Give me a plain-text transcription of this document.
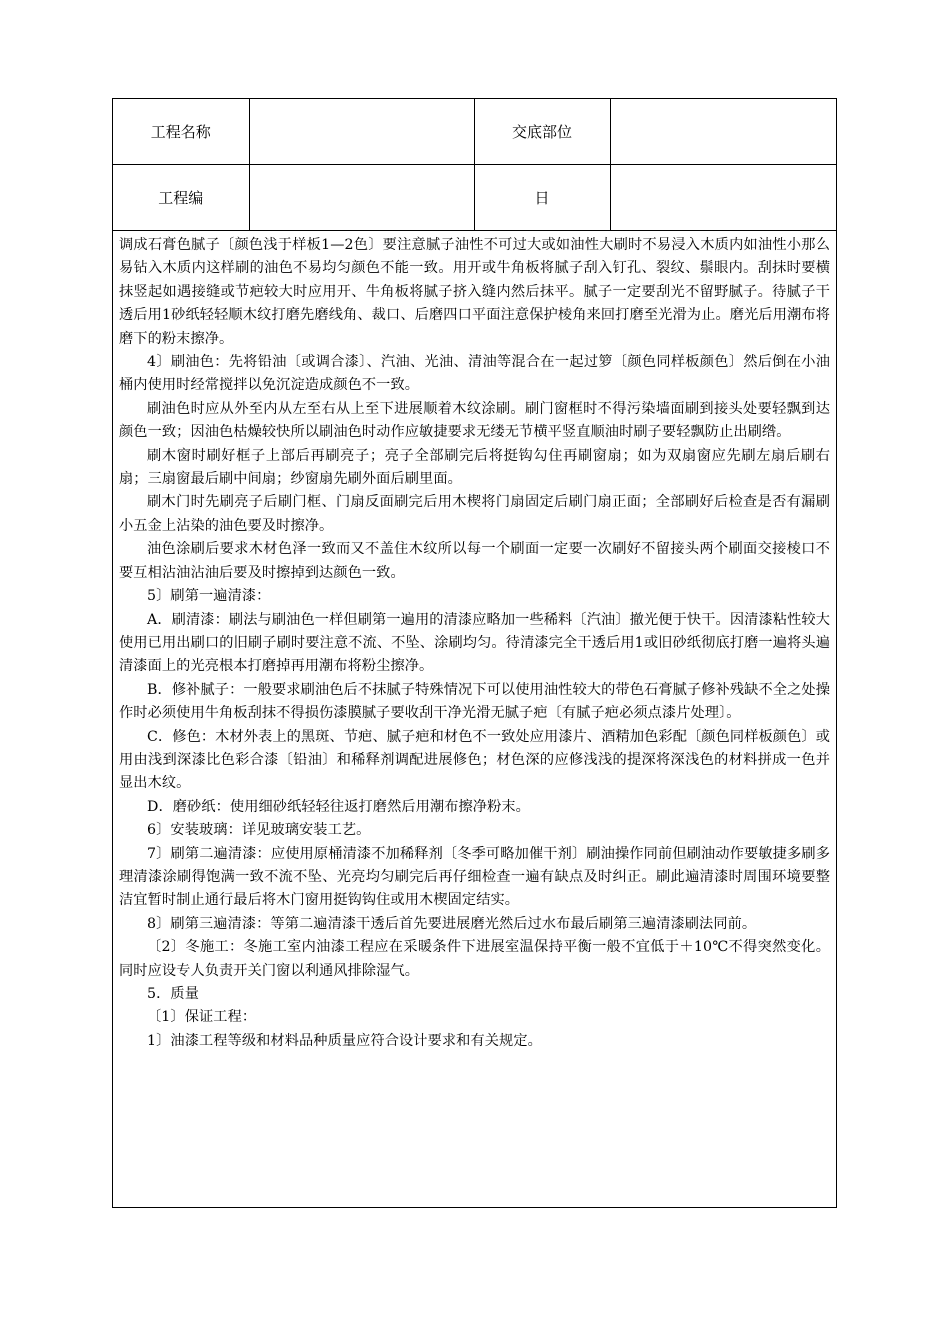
工程名称		交底部位	
工程编		日	

调成石膏色腻子〔颜色浅于样板1—2色〕要注意腻子油性不可过大或如油性大刷时不易浸入木质内如油性小那么易钻入木质内这样刷的油色不易均匀颜色不能一致。用开或牛角板将腻子刮入钉孔、裂纹、鬃眼内。刮抹时要横抹竖起如遇接缝或节疤较大时应用开、牛角板将腻子挤入缝内然后抹平。腻子一定要刮光不留野腻子。待腻子干透后用1砂纸轻轻顺木纹打磨先磨线角、裁口、后磨四口平面注意保护棱角来回打磨至光滑为止。磨光后用潮布将磨下的粉末擦净。

4〕刷油色：先将铅油〔或调合漆〕、汽油、光油、清油等混合在一起过箩〔颜色同样板颜色〕然后倒在小油桶内使用时经常搅拌以免沉淀造成颜色不一致。

刷油色时应从外至内从左至右从上至下进展顺着木纹涂刷。刷门窗框时不得污染墙面刷到接头处要轻飘到达颜色一致；因油色枯燥较快所以刷油色时动作应敏捷要求无缕无节横平竖直顺油时刷子要轻飘防止出刷绺。

刷木窗时刷好框子上部后再刷亮子；亮子全部刷完后将挺钩勾住再刷窗扇；如为双扇窗应先刷左扇后刷右扇；三扇窗最后刷中间扇；纱窗扇先刷外面后刷里面。

刷木门时先刷亮子后刷门框、门扇反面刷完后用木楔将门扇固定后刷门扇正面；全部刷好后检查是否有漏刷小五金上沾染的油色要及时擦净。

油色涂刷后要求木材色泽一致而又不盖住木纹所以每一个刷面一定要一次刷好不留接头两个刷面交接棱口不要互相沾油沾油后要及时擦掉到达颜色一致。

5〕刷第一遍清漆：

A．刷清漆：刷法与刷油色一样但刷第一遍用的清漆应略加一些稀料〔汽油〕撤光便于快干。因清漆粘性较大使用已用出刷口的旧刷子刷时要注意不流、不坠、涂刷均匀。待清漆完全干透后用1或旧砂纸彻底打磨一遍将头遍清漆面上的光亮根本打磨掉再用潮布将粉尘擦净。

B．修补腻子：一般要求刷油色后不抹腻子特殊情况下可以使用油性较大的带色石膏腻子修补残缺不全之处操作时必须使用牛角板刮抹不得损伤漆膜腻子要收刮干净光滑无腻子疤〔有腻子疤必须点漆片处理〕。

C．修色：木材外表上的黑斑、节疤、腻子疤和材色不一致处应用漆片、酒精加色彩配〔颜色同样板颜色〕或用由浅到深漆比色彩合漆〔铅油〕和稀释剂调配进展修色；材色深的应修浅浅的提深将深浅色的材料拼成一色并显出木纹。

D．磨砂纸：使用细砂纸轻轻往返打磨然后用潮布擦净粉末。

6〕安装玻璃：详见玻璃安装工艺。

7〕刷第二遍清漆：应使用原桶清漆不加稀释剂〔冬季可略加催干剂〕刷油操作同前但刷油动作要敏捷多刷多理清漆涂刷得饱满一致不流不坠、光亮均匀刷完后再仔细检查一遍有缺点及时纠正。刷此遍清漆时周围环境要整洁宜暂时制止通行最后将木门窗用挺钩钩住或用木楔固定结实。

8〕刷第三遍清漆：等第二遍清漆干透后首先要进展磨光然后过水布最后刷第三遍清漆刷法同前。

〔2〕冬施工：冬施工室内油漆工程应在采暖条件下进展室温保持平衡一般不宜低于＋10℃不得突然变化。同时应设专人负责开关门窗以利通风排除湿气。

5．质量

〔1〕保证工程：

1〕油漆工程等级和材料品种质量应符合设计要求和有关规定。
